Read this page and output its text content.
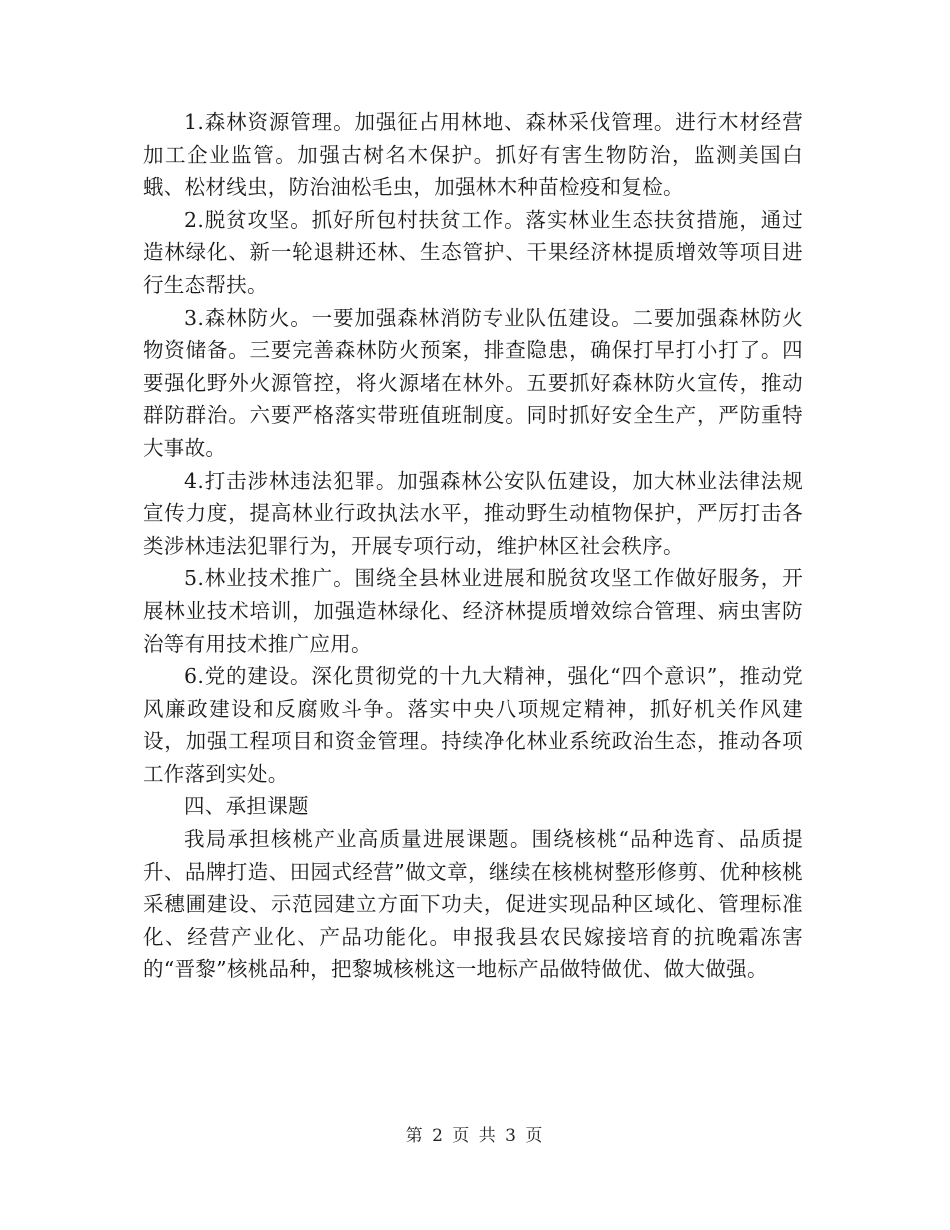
1.森林资源管理。加强征占用林地、森林采伐管理。进行木材经营加工企业监管。加强古树名木保护。抓好有害生物防治，监测美国白蛾、松材线虫，防治油松毛虫，加强林木种苗检疫和复检。

2.脱贫攻坚。抓好所包村扶贫工作。落实林业生态扶贫措施，通过造林绿化、新一轮退耕还林、生态管护、干果经济林提质增效等项目进行生态帮扶。

3.森林防火。一要加强森林消防专业队伍建设。二要加强森林防火物资储备。三要完善森林防火预案，排查隐患，确保打早打小打了。四要强化野外火源管控，将火源堵在林外。五要抓好森林防火宣传，推动群防群治。六要严格落实带班值班制度。同时抓好安全生产，严防重特大事故。

4.打击涉林违法犯罪。加强森林公安队伍建设，加大林业法律法规宣传力度，提高林业行政执法水平，推动野生动植物保护，严厉打击各类涉林违法犯罪行为，开展专项行动，维护林区社会秩序。

5.林业技术推广。围绕全县林业进展和脱贫攻坚工作做好服务，开展林业技术培训，加强造林绿化、经济林提质增效综合管理、病虫害防治等有用技术推广应用。

6.党的建设。深化贯彻党的十九大精神，强化“四个意识”，推动党风廉政建设和反腐败斗争。落实中央八项规定精神，抓好机关作风建设，加强工程项目和资金管理。持续净化林业系统政治生态，推动各项工作落到实处。

四、承担课题

我局承担核桃产业高质量进展课题。围绕核桃“品种选育、品质提升、品牌打造、田园式经营”做文章，继续在核桃树整形修剪、优种核桃采穗圃建设、示范园建立方面下功夫，促进实现品种区域化、管理标准化、经营产业化、产品功能化。申报我县农民嫁接培育的抗晚霜冻害的“晋黎”核桃品种，把黎城核桃这一地标产品做特做优、做大做强。

第 2 页 共 3 页
